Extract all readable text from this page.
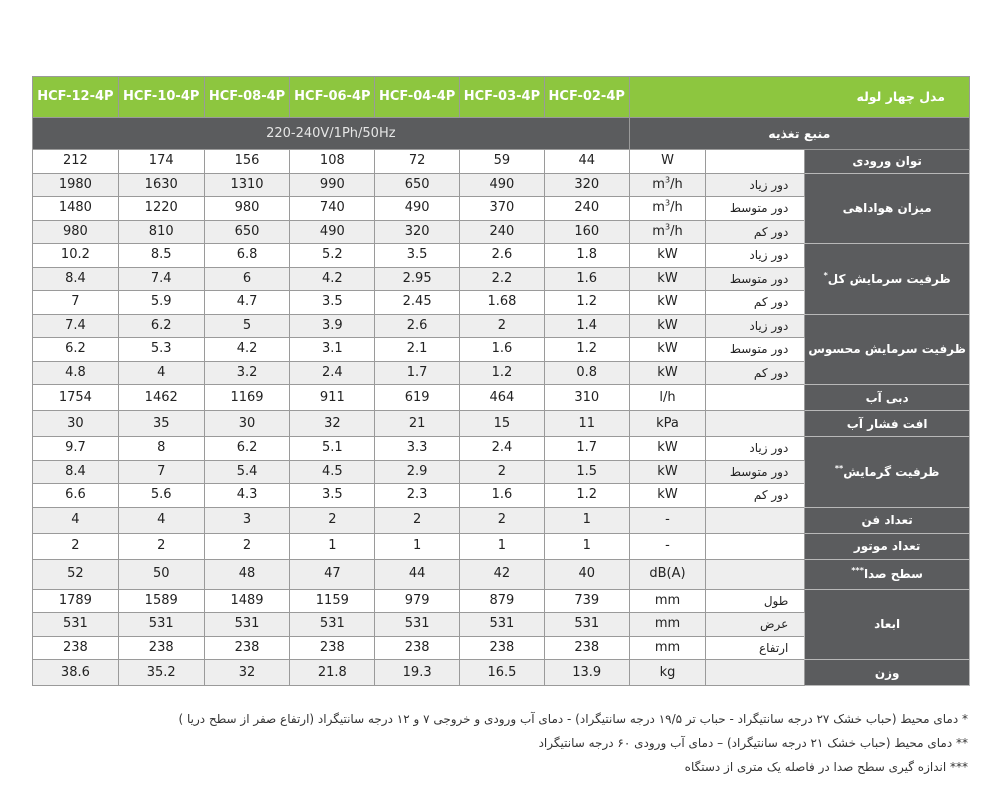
HCF-12-4P	HCF-10-4P	HCF-08-4P	HCF-06-4P	HCF-04-4P	HCF-03-4P	HCF-02-4P	مدل چهار لوله		
220-240V/1Ph/50Hz							منبع تغذیه		
212	174	156	108	72	59	44	W		توان ورودی
1980	1630	1310	990	650	490	320	$m^3/h$	دور زیاد	میزان هواداهی
1480	1220	980	740	490	370	240	$m^3/h$	دور متوسط	
980	810	650	490	320	240	160	$m^3/h$	دور کم	
10.2	8.5	6.8	5.2	3.5	2.6	1.8	kW	دور زیاد	ظرفیت سرمایش کل*
8.4	7.4	6	4.2	2.95	2.2	1.6	kW	دور متوسط	
7	5.9	4.7	3.5	2.45	1.68	1.2	kW	دور کم	
7.4	6.2	5	3.9	2.6	2	1.4	kW	دور زیاد	ظرفیت سرمایش محسوس
6.2	5.3	4.2	3.1	2.1	1.6	1.2	kW	دور متوسط	
4.8	4	3.2	2.4	1.7	1.2	0.8	kW	دور کم	
1754	1462	1169	911	619	464	310	l/h		دبی آب
30	35	30	32	21	15	11	kPa		افت فشار آب
9.7	8	6.2	5.1	3.3	2.4	1.7	kW	دور زیاد	ظرفیت گرمایش**
8.4	7	5.4	4.5	2.9	2	1.5	kW	دور متوسط	
6.6	5.6	4.3	3.5	2.3	1.6	1.2	kW	دور کم	
4	4	3	2	2	2	1	-		تعداد فن
2	2	2	1	1	1	1	-		تعداد موتور
52	50	48	47	44	42	40	dB(A)		سطح صدا***
1789	1589	1489	1159	979	879	739	mm	طول	ابعاد
531	531	531	531	531	531	531	mm	عرض	
238	238	238	238	238	238	238	mm	ارتفاع	
38.6	35.2	32	21.8	19.3	16.5	13.9	kg		وزن
* دمای محیط (حباب خشک ۲۷ درجه سانتیگراد - حباب تر ۱۹/۵ درجه سانتیگراد) - دمای آب ورودی و خروجی ۷ و ۱۲ درجه سانتیگراد (ارتفاع صفر از سطح دریا )
** دمای محیط (حباب خشک ۲۱ درجه سانتیگراد) – دمای آب ورودی ۶۰ درجه سانتیگراد
*** اندازه گیری سطح صدا در فاصله یک متری از دستگاه
